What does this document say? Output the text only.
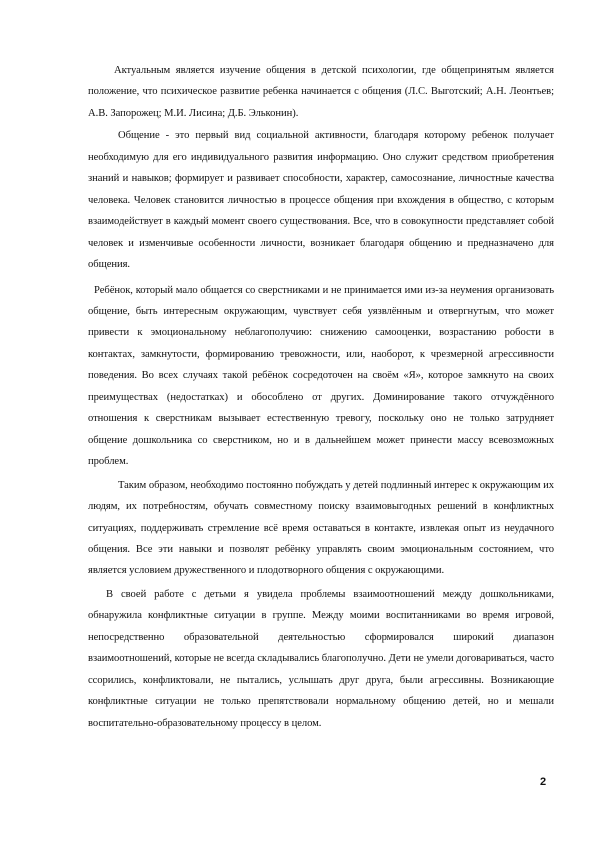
Актуальным является изучение общения в детской психологии, где общепринятым является положение, что психическое развитие ребенка начинается с общения (Л.С. Выготский; А.Н. Леонтьев; А.В. Запорожец; М.И. Лисина; Д.Б. Эльконин).

Общение - это первый вид социальной активности, благодаря которому ребенок получает необходимую для его индивидуального развития информацию. Оно служит средством приобретения знаний и навыков; формирует и развивает способности, характер, самосознание, личностные качества человека. Человек становится личностью в процессе общения при вхождения в общество, с которым взаимодействует в каждый момент своего существования. Все, что в совокупности представляет собой человек и изменчивые особенности личности, возникает благодаря общению и предназначено для общения.

Ребёнок, который мало общается со сверстниками и не принимается ими из-за неумения организовать общение, быть интересным окружающим, чувствует себя уязвлённым и отвергнутым, что может привести к эмоциональному неблагополучию: снижению самооценки, возрастанию робости в контактах, замкнутости, формированию тревожности, или, наоборот, к чрезмерной агрессивности поведения. Во всех случаях такой ребёнок сосредоточен на своём «Я», которое замкнуто на своих преимуществах (недостатках) и обособлено от других. Доминирование такого отчуждённого отношения к сверстникам вызывает естественную тревогу, поскольку оно не только затрудняет общение дошкольника со сверстником, но и в дальнейшем может принести массу всевозможных проблем.

Таким образом, необходимо постоянно побуждать у детей подлинный интерес к окружающим их людям, их потребностям, обучать совместному поиску взаимовыгодных решений в конфликтных ситуациях, поддерживать стремление всё время оставаться в контакте, извлекая опыт из неудачного общения. Все эти навыки и позволят ребёнку управлять своим эмоциональным состоянием, что является условием дружественного и плодотворного общения с окружающими.

В своей работе с детьми я увидела проблемы взаимоотношений между дошкольниками, обнаружила конфликтные ситуации в группе. Между моими воспитанниками во время игровой, непосредственно образовательной деятельностью сформировался широкий диапазон взаимоотношений, которые не всегда складывались благополучно. Дети не умели договариваться, часто ссорились, конфликтовали, не пытались, услышать друг друга, были агрессивны. Возникающие конфликтные ситуации не только препятствовали нормальному общению детей, но и мешали воспитательно-образовательному процессу в целом.

2
